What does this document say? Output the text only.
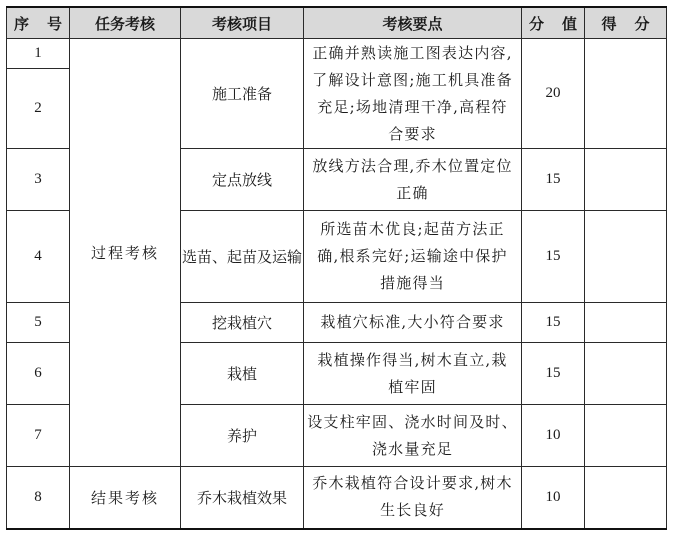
序 号	任务考核	考核项目	考核要点	分 值	得 分
1	过程考核	施工准备	正确并熟读施工图表达内容,
了解设计意图;施工机具准备
充足;场地清理干净,高程符
合要求	20	
2					
3		定点放线	放线方法合理,乔木位置定位
正确	15	
4		选苗、起苗及运输	所选苗木优良;起苗方法正
确,根系完好;运输途中保护
措施得当	15	
5		挖栽植穴	栽植穴标准,大小符合要求	15	
6		栽植	栽植操作得当,树木直立,栽
植牢固	15	
7		养护	设支柱牢固、浇水时间及时、
浇水量充足	10	
8	结果考核	乔木栽植效果	乔木栽植符合设计要求,树木
生长良好	10	
